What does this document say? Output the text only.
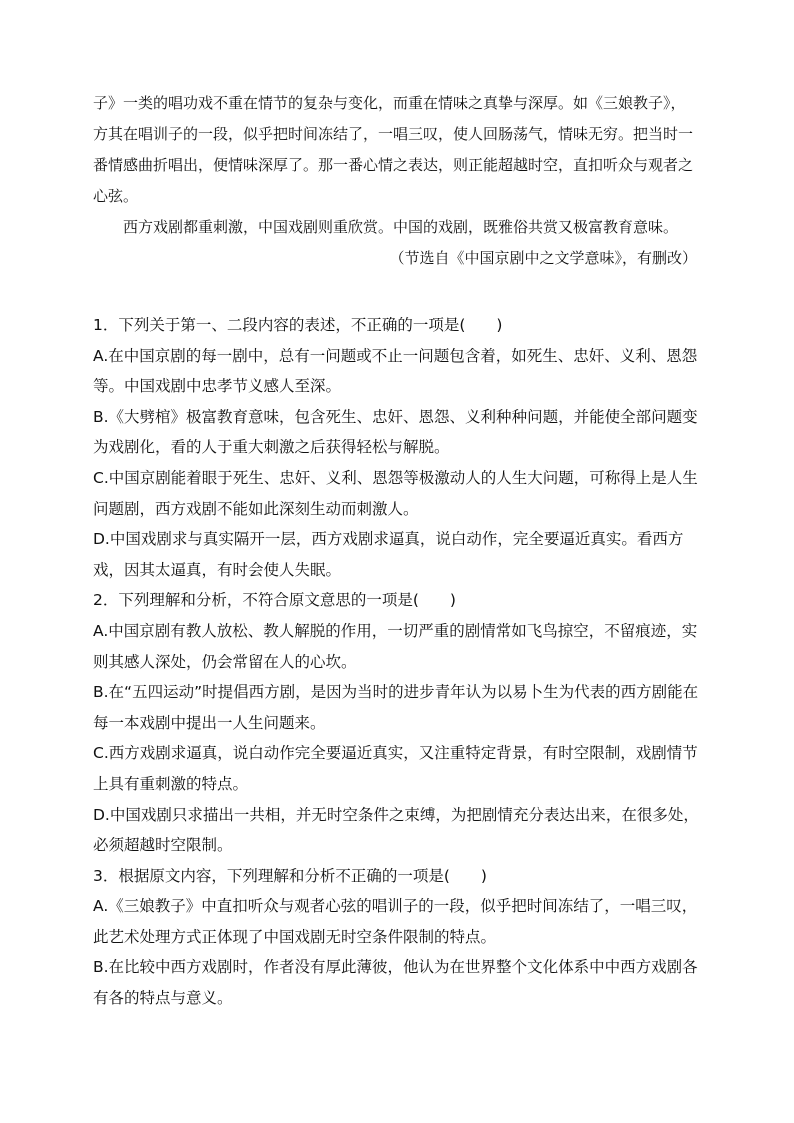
子》一类的唱功戏不重在情节的复杂与变化，而重在情味之真挚与深厚。如《三娘教子》，方其在唱训子的一段，似乎把时间冻结了，一唱三叹，使人回肠荡气，情味无穷。把当时一番情感曲折唱出，便情味深厚了。那一番心情之表达，则正能超越时空，直扣听众与观者之心弦。

西方戏剧都重刺激，中国戏剧则重欣赏。中国的戏剧，既雅俗共赏又极富教育意味。

（节选自《中国京剧中之文学意味》，有删改）

1．下列关于第一、二段内容的表述，不正确的一项是(　　)

A.在中国京剧的每一剧中，总有一问题或不止一问题包含着，如死生、忠奸、义利、恩怨等。中国戏剧中忠孝节义感人至深。

B.《大劈棺》极富教育意味，包含死生、忠奸、恩怨、义利种种问题，并能使全部问题变为戏剧化，看的人于重大刺激之后获得轻松与解脱。

C.中国京剧能着眼于死生、忠奸、义利、恩怨等极激动人的人生大问题，可称得上是人生问题剧，西方戏剧不能如此深刻生动而刺激人。

D.中国戏剧求与真实隔开一层，西方戏剧求逼真，说白动作，完全要逼近真实。看西方戏，因其太逼真，有时会使人失眠。

2．下列理解和分析，不符合原文意思的一项是(　　)

A.中国京剧有教人放松、教人解脱的作用，一切严重的剧情常如飞鸟掠空，不留痕迹，实则其感人深处，仍会常留在人的心坎。

B.在“五四运动”时提倡西方剧，是因为当时的进步青年认为以易卜生为代表的西方剧能在每一本戏剧中提出一人生问题来。

C.西方戏剧求逼真，说白动作完全要逼近真实，又注重特定背景，有时空限制，戏剧情节上具有重刺激的特点。

D.中国戏剧只求描出一共相，并无时空条件之束缚，为把剧情充分表达出来，在很多处，必须超越时空限制。

3．根据原文内容，下列理解和分析不正确的一项是(　　)

A.《三娘教子》中直扣听众与观者心弦的唱训子的一段，似乎把时间冻结了，一唱三叹，此艺术处理方式正体现了中国戏剧无时空条件限制的特点。

B.在比较中西方戏剧时，作者没有厚此薄彼，他认为在世界整个文化体系中中西方戏剧各有各的特点与意义。
